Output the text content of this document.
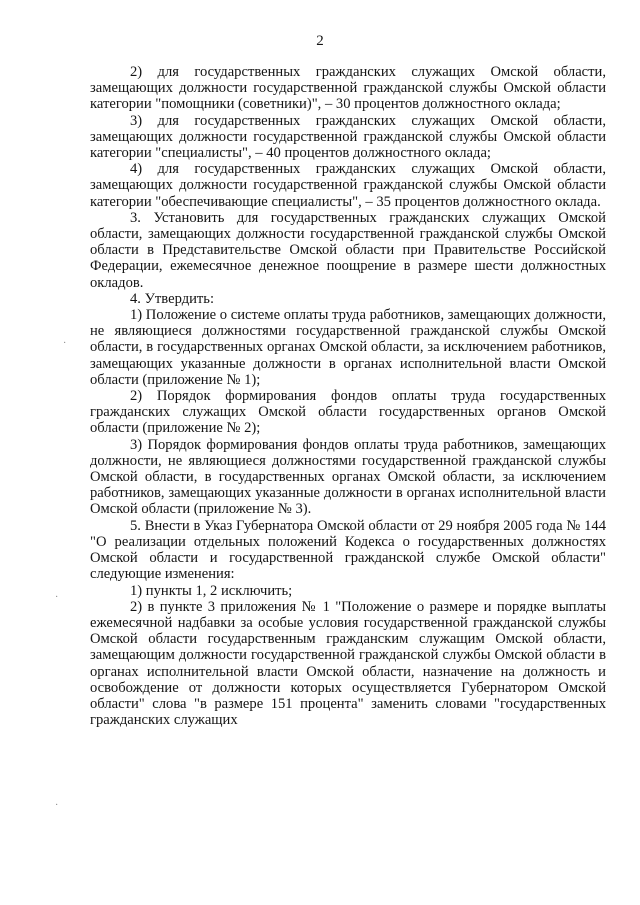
2

2) для государственных гражданских служащих Омской области, замещающих должности государственной гражданской службы Омской области категории "помощники (советники)", – 30 процентов должностного оклада;

3) для государственных гражданских служащих Омской области, замещающих должности государственной гражданской службы Омской области категории "специалисты", – 40 процентов должностного оклада;

4) для государственных гражданских служащих Омской области, замещающих должности государственной гражданской службы Омской области категории "обеспечивающие специалисты", – 35 процентов должностного оклада.

3. Установить для государственных гражданских служащих Омской области, замещающих должности государственной гражданской службы Омской области в Представительстве Омской области при Правительстве Российской Федерации, ежемесячное денежное поощрение в размере шести должностных окладов.

4. Утвердить:

1) Положение о системе оплаты труда работников, замещающих должности, не являющиеся должностями государственной гражданской службы Омской области, в государственных органах Омской области, за исключением работников, замещающих указанные должности в органах исполнительной власти Омской области (приложение № 1);

2) Порядок формирования фондов оплаты труда государственных гражданских служащих Омской области государственных органов Омской области (приложение № 2);

3) Порядок формирования фондов оплаты труда работников, замещающих должности, не являющиеся должностями государственной гражданской службы Омской области, в государственных органах Омской области, за исключением работников, замещающих указанные должности в органах исполнительной власти Омской области (приложение № 3).

5. Внести в Указ Губернатора Омской области от 29 ноября 2005 года № 144 "О реализации отдельных положений Кодекса о государственных должностях Омской области и государственной гражданской службе Омской области" следующие изменения:

1) пункты 1, 2 исключить;

2) в пункте 3 приложения № 1 "Положение о размере и порядке выплаты ежемесячной надбавки за особые условия государственной гражданской службы Омской области государственным гражданским служащим Омской области, замещающим должности государственной гражданской службы Омской области в органах исполнительной власти Омской области, назначение на должность и освобождение от должности которых осуществляется Губернатором Омской области" слова "в размере 151 процента" заменить словами "государственных гражданских служащих

·
·
·
